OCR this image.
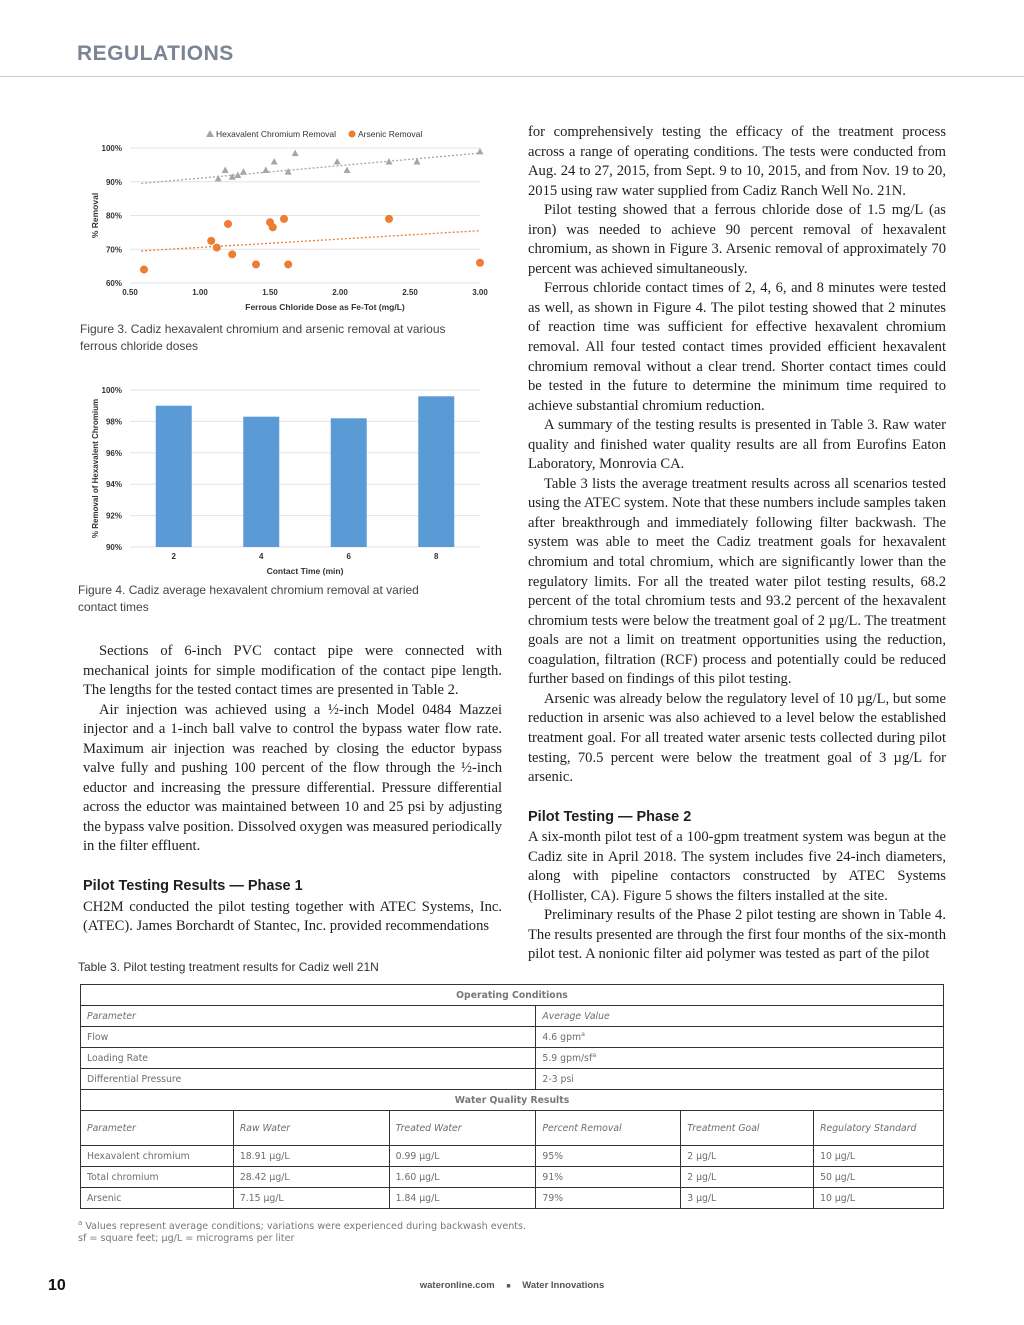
REGULATIONS
Hexavalent Chromium Removal	Arsenic Removal
60%
70%
80%
90%
100%
0.50	1.00	1.50	2.00	2.50	3.00
Ferrous Chloride Dose as Fe-Tot (mg/L)
% Removal
Figure 3. Cadiz hexavalent chromium and arsenic removal at various ferrous chloride doses
90%
92%
94%
96%
98%
100%
2	4	6	8
Contact Time (min)
% Removal of Hexavalent Chromium
Figure 4. Cadiz average hexavalent chromium removal at varied contact times

Sections of 6-inch PVC contact pipe were connected with mechanical joints for simple modification of the contact pipe length. The lengths for the tested contact times are presented in Table 2.

Air injection was achieved using a ½-inch Model 0484 Mazzei injector and a 1-inch ball valve to control the bypass water flow rate. Maximum air injection was reached by closing the eductor bypass valve fully and pushing 100 percent of the flow through the ½-inch eductor and increasing the pressure differential. Pressure differential across the eductor was maintained between 10 and 25 psi by adjusting the bypass valve position. Dissolved oxygen was measured periodically in the filter effluent.

Pilot Testing Results — Phase 1

CH2M conducted the pilot testing together with ATEC Systems, Inc. (ATEC). James Borchardt of Stantec, Inc. provided recommendations

for comprehensively testing the efficacy of the treatment process across a range of operating conditions. The tests were conducted from Aug. 24 to 27, 2015, from Sept. 9 to 10, 2015, and from Nov. 19 to 20, 2015 using raw water supplied from Cadiz Ranch Well No. 21N.

Pilot testing showed that a ferrous chloride dose of 1.5 mg/L (as iron) was needed to achieve 90 percent removal of hexavalent chromium, as shown in Figure 3. Arsenic removal of approximately 70 percent was achieved simultaneously.

Ferrous chloride contact times of 2, 4, 6, and 8 minutes were tested as well, as shown in Figure 4. The pilot testing showed that 2 minutes of reaction time was sufficient for effective hexavalent chromium removal. All four tested contact times provided efficient hexavalent chromium removal without a clear trend. Shorter contact times could be tested in the future to determine the minimum time required to achieve substantial chromium reduction.

A summary of the testing results is presented in Table 3. Raw water quality and finished water quality results are all from Eurofins Eaton Laboratory, Monrovia CA.

Table 3 lists the average treatment results across all scenarios tested using the ATEC system. Note that these numbers include samples taken after breakthrough and immediately following filter backwash. The system was able to meet the Cadiz treatment goals for hexavalent chromium and total chromium, which are significantly lower than the regulatory limits. For all the treated water pilot testing results, 68.2 percent of the total chromium tests and 93.2 percent of the hexavalent chromium tests were below the treatment goal of 2 µg/L. The treatment goals are not a limit on treatment opportunities using the reduction, coagulation, filtration (RCF) process and potentially could be reduced further based on findings of this pilot testing.

Arsenic was already below the regulatory level of 10 µg/L, but some reduction in arsenic was also achieved to a level below the established treatment goal. For all treated water arsenic tests collected during pilot testing, 70.5 percent were below the treatment goal of 3 µg/L for arsenic.

Pilot Testing — Phase 2

A six-month pilot test of a 100-gpm treatment system was begun at the Cadiz site in April 2018. The system includes five 24-inch diameters, along with pipeline contactors constructed by ATEC Systems (Hollister, CA). Figure 5 shows the filters installed at the site.

Preliminary results of the Phase 2 pilot testing are shown in Table 4. The results presented are through the first four months of the six-month pilot test. A nonionic filter aid polymer was tested as part of the pilot

Table 3. Pilot testing treatment results for Cadiz well 21N
Operating Conditions					
Parameter			Average Value		
Flow			4.6 gpm$^a$
Loading Rate			5.9 gpm/$sf^a$
Differential Pressure			2-3 psi		
Water Quality Results					
Parameter	Raw Water	Treated Water	Percent Removal	Treatment Goal	Regulatory Standard
Hexavalent chromium	18.91 µg/L	0.99 µg/L	95%	2 µg/L	10 µg/L
Total chromium	28.42 µg/L	1.60 µg/L	91%	2 µg/L	50 µg/L
Arsenic	7.15 µg/L	1.84 µg/L	79%	3 µg/L	10 µg/L
$^a$ Values represent average conditions; variations were experienced during backwash events.
sf = square feet; µg/L = micrograms per liter
10	wateronline.com ■ Water Innovations
